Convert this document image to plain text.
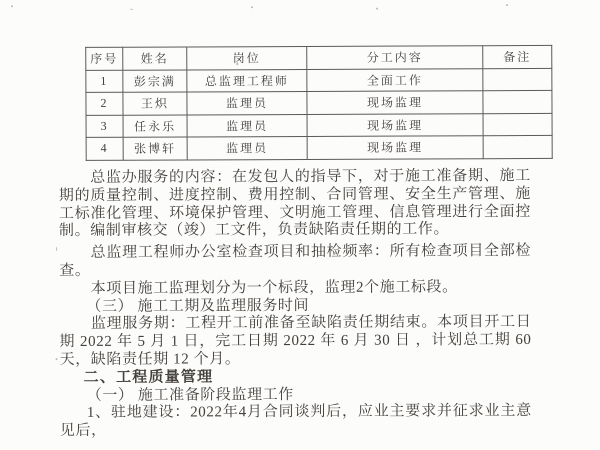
序号	姓名	岗位	分工内容	备注
1	彭宗满	总监理工程师	全面工作	
2	王炽	监理员	现场监理	
3	任永乐	监理员	现场监理	
4	张博轩	监理员	现场监理	

总监办服务的内容：在发包人的指导下，对于施工准备期、施工期的质量控制、进度控制、费用控制、合同管理、安全生产管理、施工标准化管理、环境保护管理、文明施工管理、信息管理进行全面控制。编制审核交（竣）工文件，负责缺陷责任期的工作。

总监理工程师办公室检查项目和抽检频率：所有检查项目全部检查。

本项目施工监理划分为一个标段，监理2个施工标段。

（三） 施工工期及监理服务时间

监理服务期：工程开工前准备至缺陷责任期结束。本项目开工日期 2022 年 5 月 1 日，完工日期 2022 年 6 月 30 日 ，计划总工期 60 天，缺陷责任期 12 个月。

二、工程质量管理

（一） 施工准备阶段监理工作

1、驻地建设：2022年4月合同谈判后，应业主要求并征求业主意见后，
